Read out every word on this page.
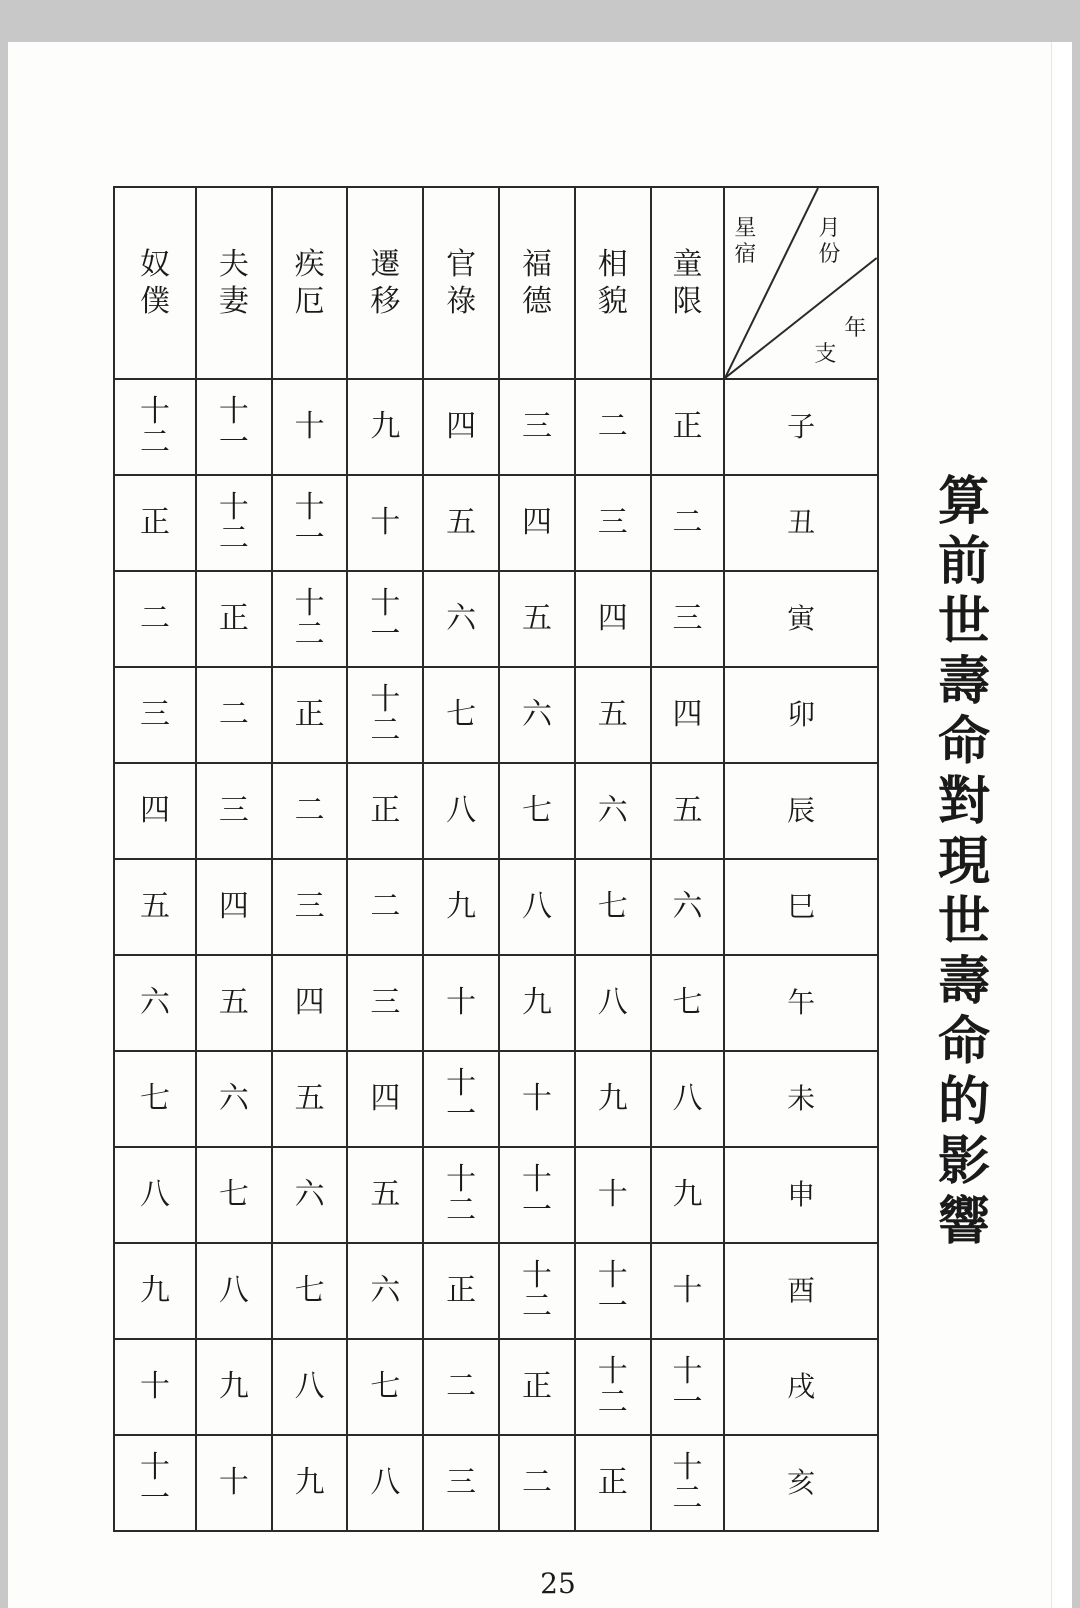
奴僕	夫妻	疾厄	遷移	官祿	福德	相貌	童限	星宿
月份
年
支

十二	十一	十	九	四	三	二	正	子
正	十二	十一	十	五	四	三	二	丑
二	正	十二	十一	六	五	四	三	寅
三	二	正	十二	七	六	五	四	卯
四	三	二	正	八	七	六	五	辰
五	四	三	二	九	八	七	六	巳
六	五	四	三	十	九	八	七	午
七	六	五	四	十一	十	九	八	未
八	七	六	五	十二	十一	十	九	申
九	八	七	六	正	十二	十一	十	酉
十	九	八	七	二	正	十二	十一	戌
十一	十	九	八	三	二	正	十二	亥
算前世壽命對現世壽命的影響
25
